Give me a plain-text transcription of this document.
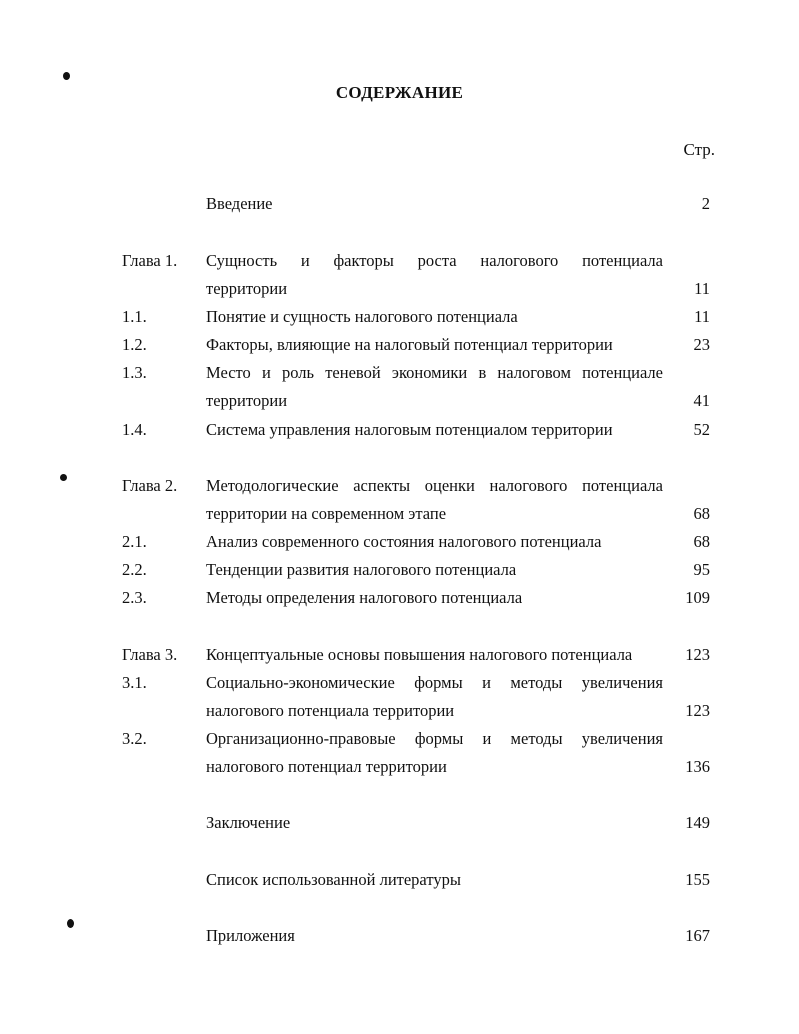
СОДЕРЖАНИЕ
Стр.
Введение	2
Глава 1. Сущность и факторы роста налогового потенциала
территории	11
1.1.	Понятие и сущность налогового потенциала	11
1.2.	Факторы, влияющие на налоговый потенциал территории	23
1.3.	Место и роль теневой экономики в налоговом потенциале
территории	41
1.4.	Система управления налоговым потенциалом территории	52
Глава 2. Методологические аспекты оценки налогового потенциала
территории на современном этапе	68
2.1.	Анализ современного состояния налогового потенциала	68
2.2.	Тенденции развития налогового потенциала	95
2.3.	Методы определения налогового потенциала	109
Глава 3. Концептуальные основы повышения налогового потенциала	123
3.1.	Социально-экономические формы и методы увеличения
налогового потенциала территории	123
3.2.	Организационно-правовые формы и методы увеличения
налогового потенциал территории	136
Заключение	149
Список использованной литературы	155
Приложения	167
